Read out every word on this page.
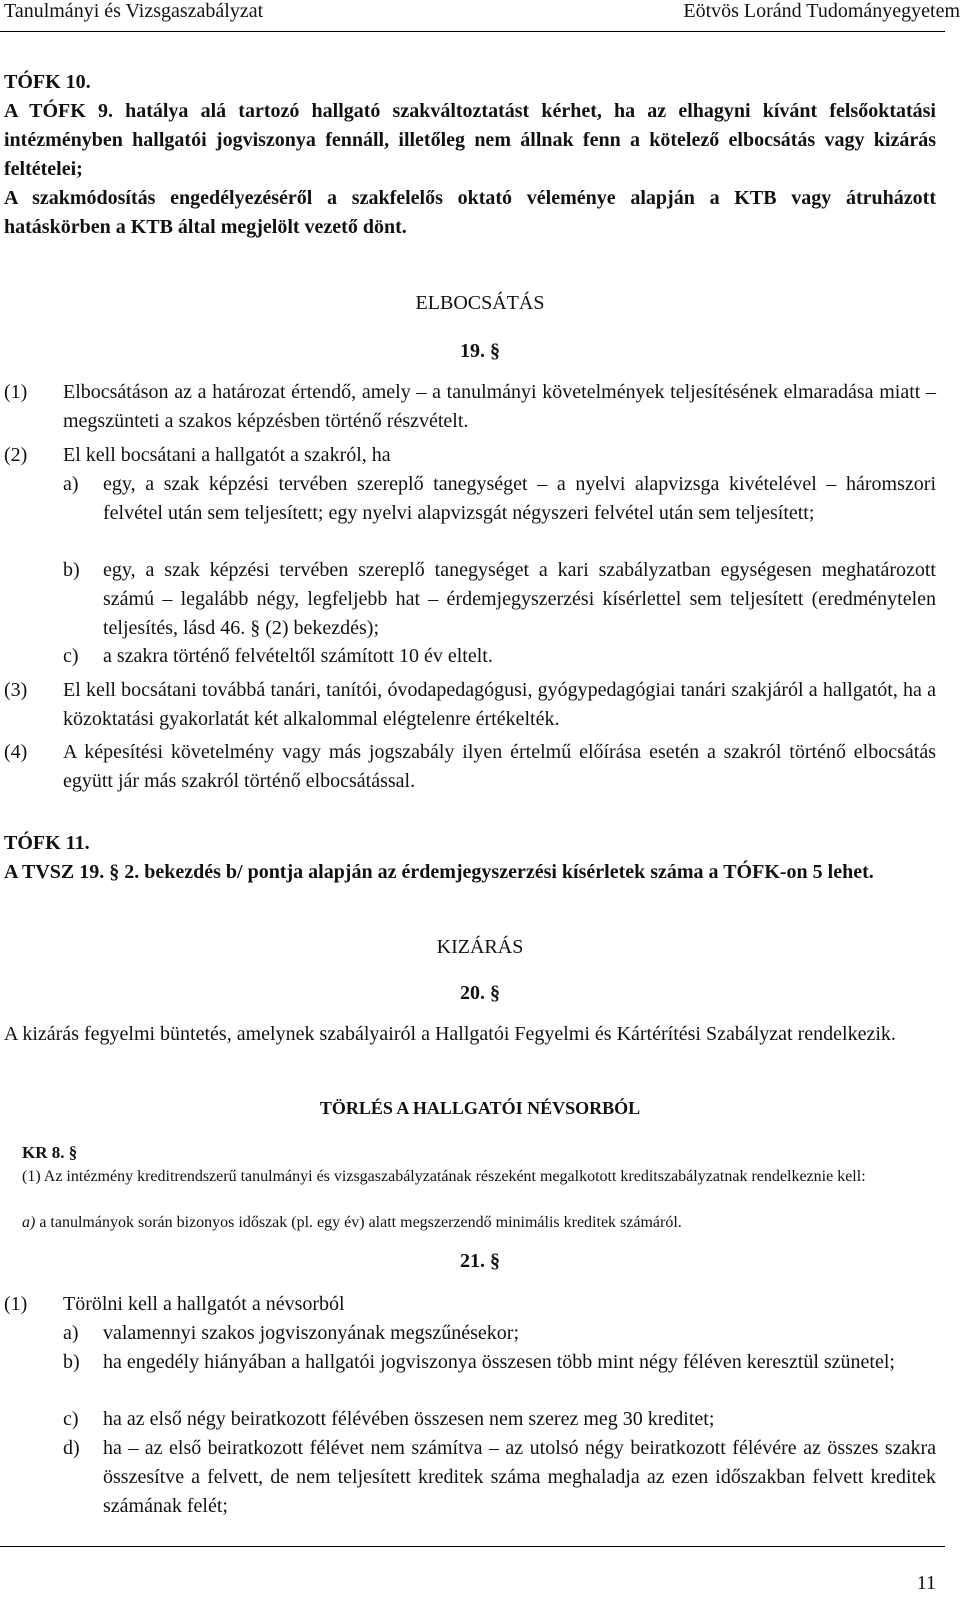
Tanulmányi és Vizsgaszabályzat	Eötvös Loránd Tudományegyetem
TÓFK 10.
A TÓFK 9. hatálya alá tartozó hallgató szakváltoztatást kérhet, ha az elhagyni kívánt felsőoktatási intézményben hallgatói jogviszonya fennáll, illetőleg nem állnak fenn a kötelező elbocsátás vagy kizárás feltételei;
A szakmódosítás engedélyezéséről a szakfelelős oktató véleménye alapján a KTB vagy átruházott hatáskörben a KTB által megjelölt vezető dönt.
ELBOCSÁTÁS
19. §
(1) Elbocsátáson az a határozat értendő, amely – a tanulmányi követelmények teljesítésének elmaradása miatt – megszünteti a szakos képzésben történő részvételt.
(2) El kell bocsátani a hallgatót a szakról, ha
a) egy, a szak képzési tervében szereplő tanegységet – a nyelvi alapvizsga kivételével – háromszori felvétel után sem teljesített; egy nyelvi alapvizsgát négyszeri felvétel után sem teljesített;
b) egy, a szak képzési tervében szereplő tanegységet a kari szabályzatban egységesen meghatározott számú – legalább négy, legfeljebb hat – érdemjegyszerzési kísérlettel sem teljesített (eredménytelen teljesítés, lásd 46. § (2) bekezdés);
c) a szakra történő felvételtől számított 10 év eltelt.
(3) El kell bocsátani továbbá tanári, tanítói, óvodapedagógusi, gyógypedagógiai tanári szakjáról a hallgatót, ha a közoktatási gyakorlatát két alkalommal elégtelenre értékelték.
(4) A képesítési követelmény vagy más jogszabály ilyen értelmű előírása esetén a szakról történő elbocsátás együtt jár más szakról történő elbocsátással.
TÓFK 11.
A TVSZ 19. § 2. bekezdés b/ pontja alapján az érdemjegyszerzési kísérletek száma a TÓFK-on 5 lehet.
KIZÁRÁS
20. §
A kizárás fegyelmi büntetés, amelynek szabályairól a Hallgatói Fegyelmi és Kártérítési Szabályzat rendelkezik.
TÖRLÉS A HALLGATÓI NÉVSORBÓL
KR 8. §
(1) Az intézmény kreditrendszerű tanulmányi és vizsgaszabályzatának részeként megalkotott kreditszabályzatnak rendelkeznie kell:
a) a tanulmányok során bizonyos időszak (pl. egy év) alatt megszerzendő minimális kreditek számáról.
21. §
(1) Törölni kell a hallgatót a névsorból
a) valamennyi szakos jogviszonyának megszűnésekor;
b) ha engedély hiányában a hallgatói jogviszonya összesen több mint négy féléven keresztül szünetel;
c) ha az első négy beiratkozott félévében összesen nem szerez meg 30 kreditet;
d) ha – az első beiratkozott félévet nem számítva – az utolsó négy beiratkozott félévére az összes szakra összesítve a felvett, de nem teljesített kreditek száma meghaladja az ezen időszakban felvett kreditek számának felét;
11
